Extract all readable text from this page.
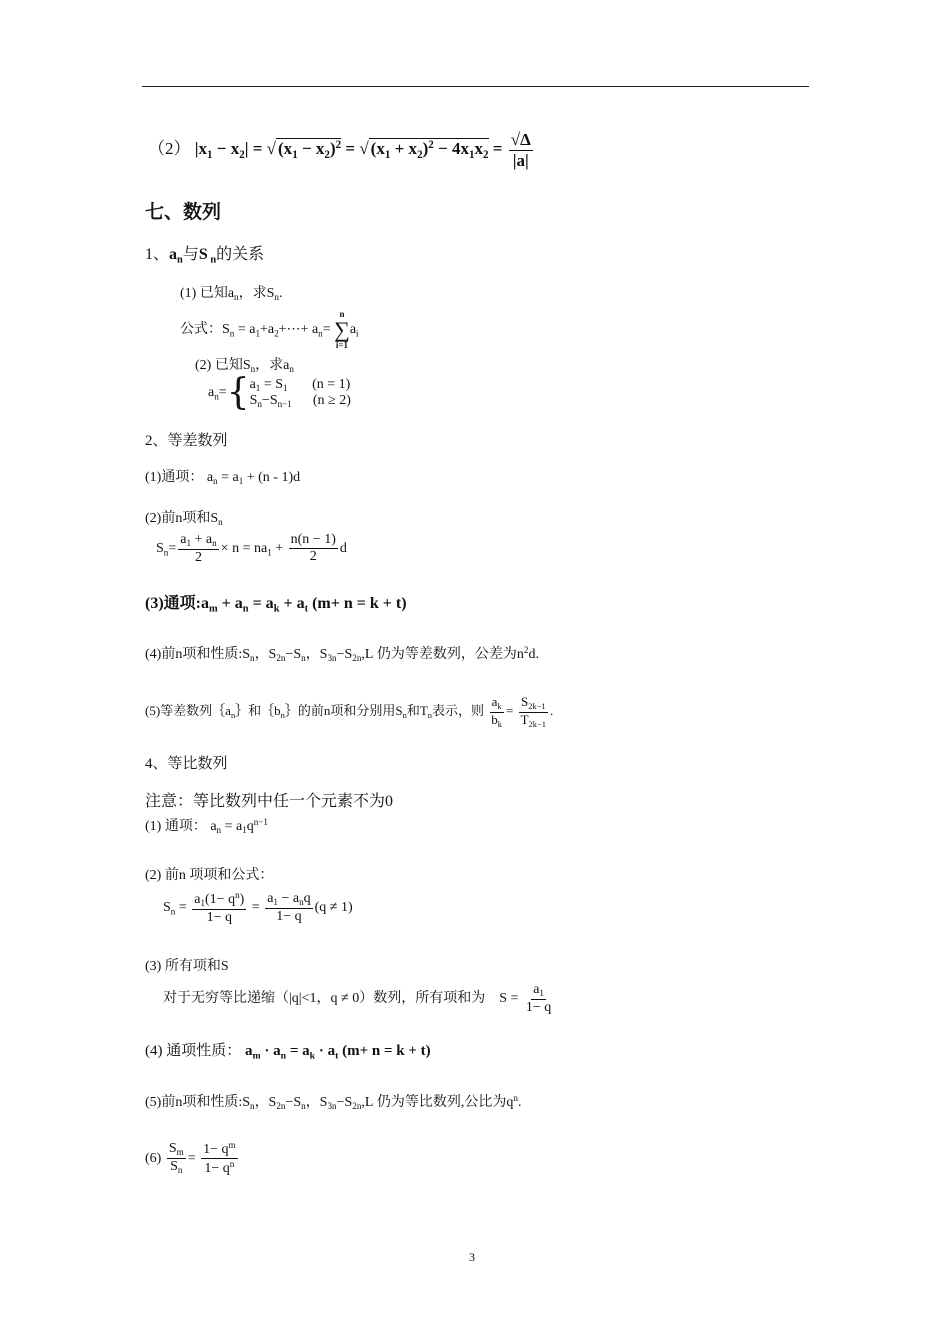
（2） $|x_1 - x_2|$ = √ $(x_1 - x_2)^2$ = √ $(x_1 + x_2)^2 - 4x_1x_2 = \frac{√\Delta}{|a|}$
七、数列
1、$a_n$与S $_n$的关系
(1) 已知$a_n$，求$S_n$.
公式：$S_n$ = $a_1+a_2+\cdots+ a_n=$
n
∑
i=1
$a_i$
(2) 已知$S_n$，求$a_n$
$a_n=${ $a_1 = S_1$ (n = 1)
$S_n-S_{n-1}$ (n ≥ 2)
2、等差数列
(1)通项： $a_n = a_1 + (n - 1)d$
(2)前n项和$S_n$
$S_n= \frac{a_1 + a_n}{2} \times n = na_1 + \frac{n(n - 1)}{2}$ d
(3)通项$:a_m + a_n = a_k + a_t$ (m+ n = k + t)
(4)前n项和性质$:S_n$，$S_{2n}-S_n$，$S_{3n}-S_{2n},L$ 仍为等差数列，公差为$n^2d$.
(5)等差数列$\{a_n\}$和$\{b_n\}$的前n项和分别用$S_n$和$T_n$表示，则 $\frac{a_k}{b_k} = \frac{S_{2k-1}}{T_{2k-1}}$ .
4、等比数列
注意：等比数列中任一个元素不为0
(1) 通项： $a_n = a_1q^{n-1}$
(2) 前n 项项和公式：
$S_n = \frac{a_1(1- q^n)}{1- q} = \frac{a_1 - a_nq}{1- q} (q \ne 1)$
(3) 所有项和S
对于无穷等比递缩（|q|<1，q ≠ 0）数列，所有项和为    $S = \frac{a_1}{1- q}$
(4) 通项性质： $a_m \cdot a_n = a_k \cdot a_t$ (m+ n = k + t)
(5)前n项和性质$:S_n$，$S_{2n}-S_n$，$S_{3n}-S_{2n},L$ 仍为等比数列,公比为$q^n$.
$(6) \frac{S_m}{S_n} = \frac{1- q^m}{1- q^n}$
3
